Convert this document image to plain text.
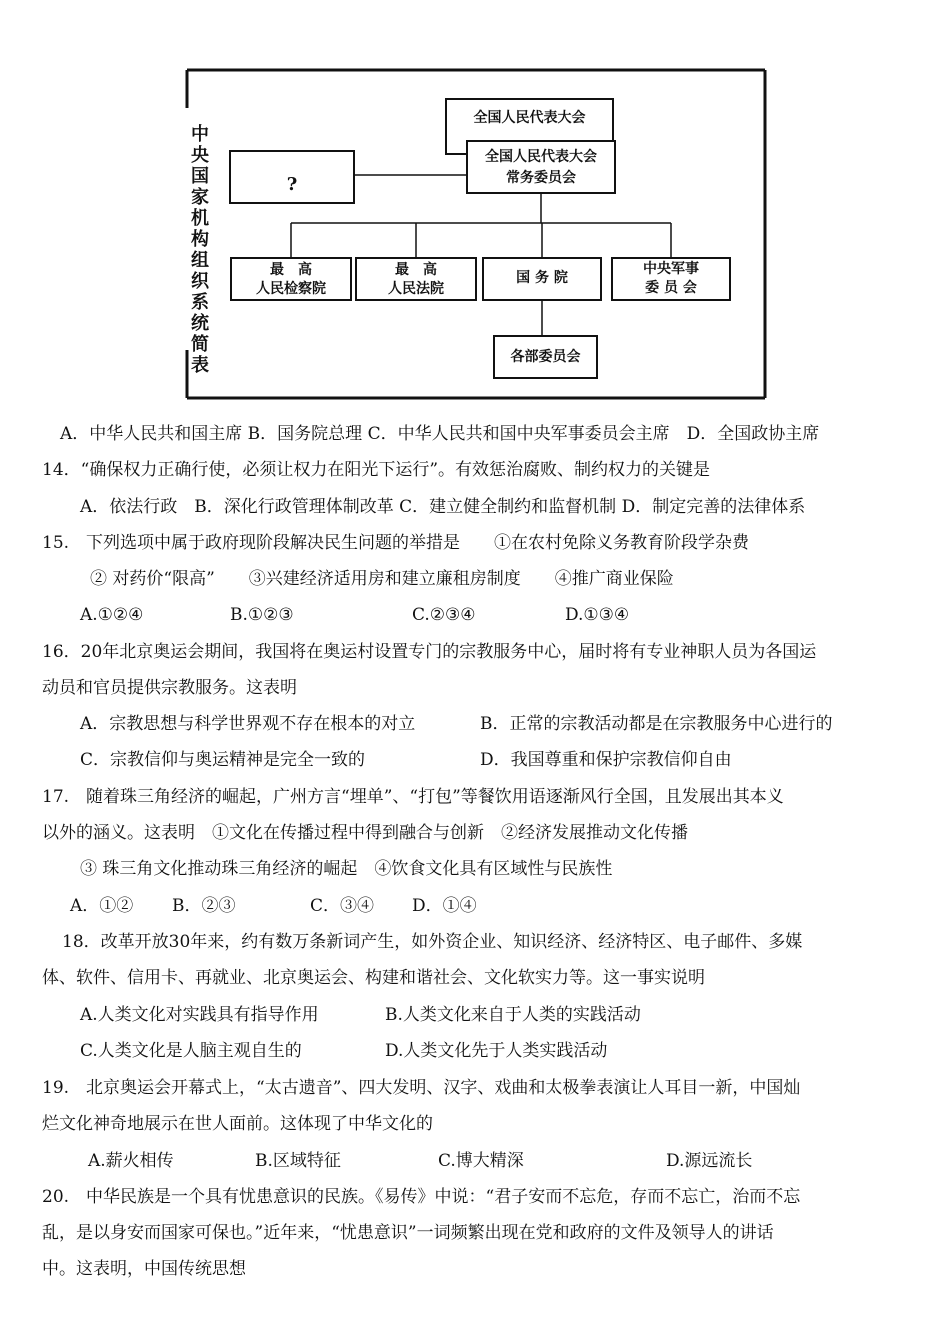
中
央
国
家
机
构
组
织
系
统
简
表
全国人民代表大会
全国人民代表大会
常务委员会
?
最　高
人民检察院
最　高
人民法院
国 务 院
中央军事
委 员 会
各部委员会
A．中华人民共和国主席 B．国务院总理 C．中华人民共和国中央军事委员会主席　D．全国政协主席
14．“确保权力正确行使，必须让权力在阳光下运行”。有效惩治腐败、制约权力的关键是
A．依法行政　B．深化行政管理体制改革 C．建立健全制约和监督机制 D．制定完善的法律体系
15.　下列选项中属于政府现阶段解决民生问题的举措是　　①在农村免除义务教育阶段学杂费
② 对药价“限高”　　③兴建经济适用房和建立廉租房制度　　④推广商业保险
A.①②④	B.①②③	C.②③④	D.①③④
16．20年北京奥运会期间，我国将在奥运村设置专门的宗教服务中心，届时将有专业神职人员为各国运
动员和官员提供宗教服务。这表明
A．宗教思想与科学世界观不存在根本的对立	B．正常的宗教活动都是在宗教服务中心进行的
C．宗教信仰与奥运精神是完全一致的	D．我国尊重和保护宗教信仰自由
17.　随着珠三角经济的崛起，广州方言“埋单”、“打包”等餐饮用语逐渐风行全国，且发展出其本义
以外的涵义。这表明　①文化在传播过程中得到融合与创新　②经济发展推动文化传播
③ 珠三角文化推动珠三角经济的崛起　④饮食文化具有区域性与民族性
A．①② B．②③	C．③④ D．①④
18．改革开放30年来，约有数万条新词产生，如外资企业、知识经济、经济特区、电子邮件、多媒
体、软件、信用卡、再就业、北京奥运会、构建和谐社会、文化软实力等。这一事实说明
A.人类文化对实践具有指导作用	B.人类文化来自于人类的实践活动
C.人类文化是人脑主观自生的	D.人类文化先于人类实践活动
19.　北京奥运会开幕式上，“太古遗音”、四大发明、汉字、戏曲和太极拳表演让人耳目一新，中国灿
烂文化神奇地展示在世人面前。这体现了中华文化的
A.薪火相传	B.区域特征	C.博大精深	D.源远流长
20.　中华民族是一个具有忧患意识的民族。《易传》中说：“君子安而不忘危，存而不忘亡，治而不忘
乱，是以身安而国家可保也。”近年来，“忧患意识”一词频繁出现在党和政府的文件及领导人的讲话
中。这表明，中国传统思想
